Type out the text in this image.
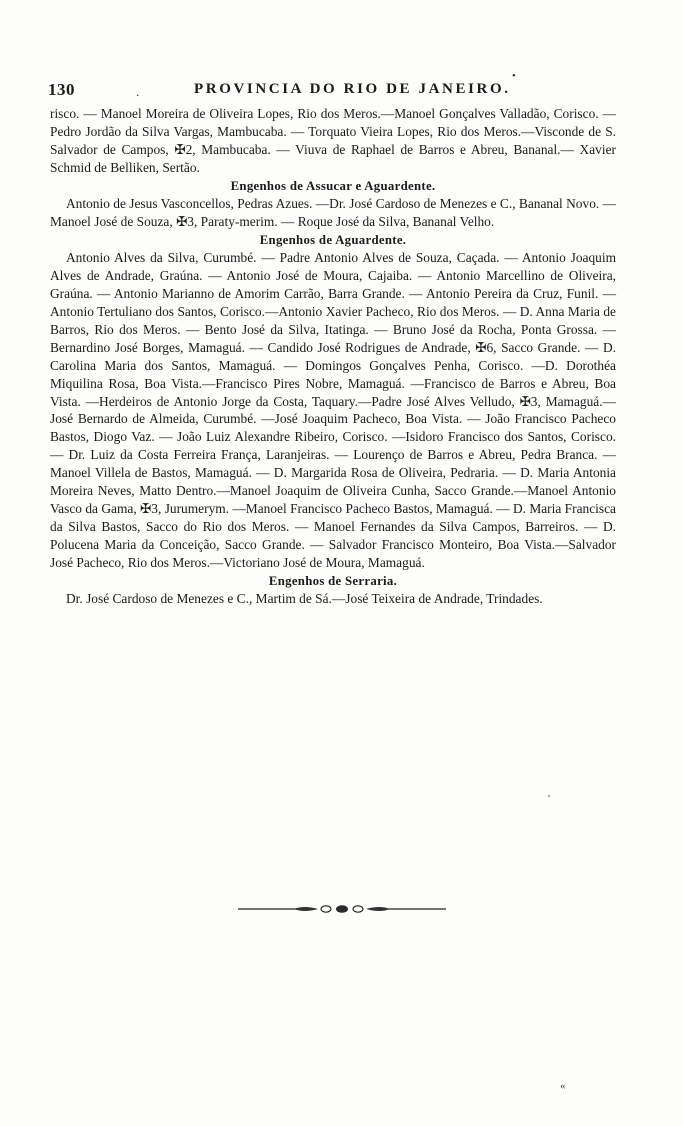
130	.	PROVINCIA DO RIO DE JANEIRO.
•

risco. — Manoel Moreira de Oliveira Lopes, Rio dos Meros.—Manoel Gonçalves Valladão, Corisco. — Pedro Jordão da Silva Vargas, Mambucaba. — Torquato Vieira Lopes, Rio dos Meros.—Visconde de S. Salvador de Campos, ✠2, Mambucaba. — Viuva de Raphael de Barros e Abreu, Bananal.— Xavier Schmid de Belliken, Sertão.

Engenhos de Assucar e Aguardente.

Antonio de Jesus Vasconcellos, Pedras Azues. —Dr. José Cardoso de Menezes e C., Bananal Novo. —Manoel José de Souza, ✠3, Paraty-merim. — Roque José da Silva, Bananal Velho.

Engenhos de Aguardente.

Antonio Alves da Silva, Curumbé. — Padre Antonio Alves de Souza, Caçada. — Antonio Joaquim Alves de Andrade, Graúna. — Antonio José de Moura, Cajaiba. — Antonio Marcellino de Oliveira, Graúna. — Antonio Marianno de Amorim Carrão, Barra Grande. — Antonio Pereira da Cruz, Funil. —Antonio Tertuliano dos Santos, Corisco.—Antonio Xavier Pacheco, Rio dos Meros. — D. Anna Maria de Barros, Rio dos Meros. — Bento José da Silva, Itatinga. — Bruno José da Rocha, Ponta Grossa. — Bernardino José Borges, Mamaguá. — Candido José Rodrigues de Andrade, ✠6, Sacco Grande. — D. Carolina Maria dos Santos, Mamaguá. — Domingos Gonçalves Penha, Corisco. —D. Dorothéa Miquilina Rosa, Boa Vista.—Francisco Pires Nobre, Mamaguá. —Francisco de Barros e Abreu, Boa Vista. —Herdeiros de Antonio Jorge da Costa, Taquary.—Padre José Alves Velludo, ✠3, Mamaguá.—José Bernardo de Almeida, Curumbé. —José Joaquim Pacheco, Boa Vista. — João Francisco Pacheco Bastos, Diogo Vaz. — João Luiz Alexandre Ribeiro, Corisco. —Isidoro Francisco dos Santos, Corisco. — Dr. Luiz da Costa Ferreira França, Laranjeiras. — Lourenço de Barros e Abreu, Pedra Branca. — Manoel Villela de Bastos, Mamaguá. — D. Margarida Rosa de Oliveira, Pedraria. — D. Maria Antonia Moreira Neves, Matto Dentro.—Manoel Joaquim de Oliveira Cunha, Sacco Grande.—Manoel Antonio Vasco da Gama, ✠3, Jurumerym. —Manoel Francisco Pacheco Bastos, Mamaguá. — D. Maria Francisca da Silva Bastos, Sacco do Rio dos Meros. — Manoel Fernandes da Silva Campos, Barreiros. — D. Polucena Maria da Conceição, Sacco Grande. — Salvador Francisco Monteiro, Boa Vista.—Salvador José Pacheco, Rio dos Meros.—Victoriano José de Moura, Mamaguá.

Engenhos de Serraria.

Dr. José Cardoso de Menezes e C., Martim de Sá.—José Teixeira de Andrade, Trindades.

'
«
